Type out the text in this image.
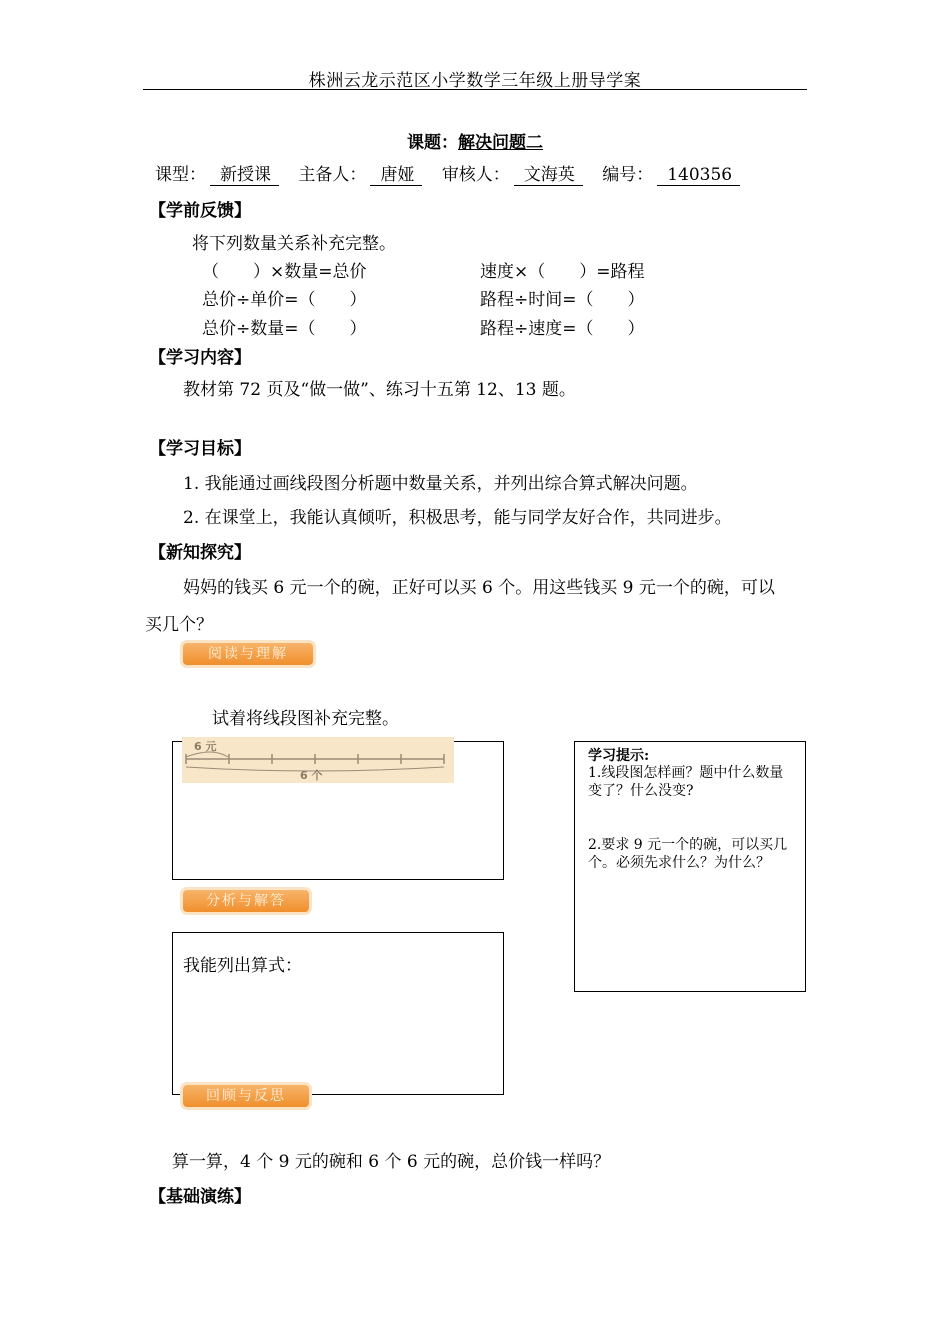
株洲云龙示范区小学数学三年级上册导学案
课题：解决问题二
课型： 新授课 主备人： 唐娅 审核人： 文海英 编号： 140356
【学前反馈】
将下列数量关系补充完整。
（　　）×数量=总价	速度×（　　）=路程
总价÷单价=（　　）	路程÷时间=（　　）
总价÷数量=（　　）	路程÷速度=（　　）
【学习内容】
教材第 72 页及“做一做”、练习十五第 12、13 题。
【学习目标】
1. 我能通过画线段图分析题中数量关系，并列出综合算式解决问题。
2. 在课堂上，我能认真倾听，积极思考，能与同学友好合作，共同进步。
【新知探究】
妈妈的钱买 6 元一个的碗，正好可以买 6 个。用这些钱买 9 元一个的碗，可以
买几个？
阅读与理解
试着将线段图补充完整。
6 元
6 个
分析与解答
我能列出算式：
回顾与反思
学习提示:
1.线段图怎样画？题中什么数量变了？什么没变?
2.要求 9 元一个的碗，可以买几个。必须先求什么？为什么？
算一算，4 个 9 元的碗和 6 个 6 元的碗，总价钱一样吗？
【基础演练】
